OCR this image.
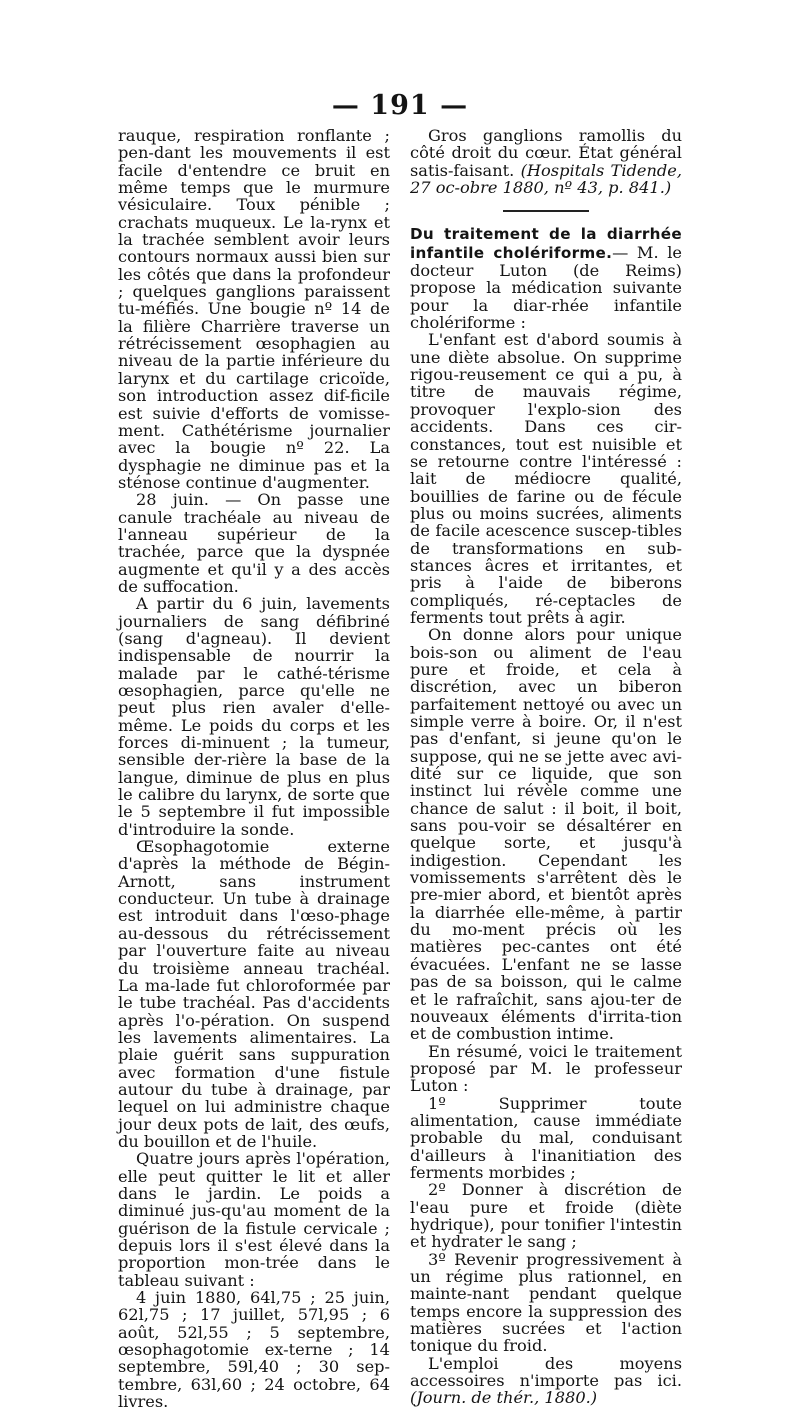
— 191 —

rauque, respiration ronflante ; pen-dant les mouvements il est facile d'entendre ce bruit en même temps que le murmure vésiculaire. Toux pénible ; crachats muqueux. Le la-rynx et la trachée semblent avoir leurs contours normaux aussi bien sur les côtés que dans la profondeur ; quelques ganglions paraissent tu-méfiés. Une bougie nº 14 de la filière Charrière traverse un rétrécissement œsophagien au niveau de la partie inférieure du larynx et du cartilage cricoïde, son introduction assez dif-ficile est suivie d'efforts de vomisse-ment. Cathétérisme journalier avec la bougie nº 22. La dysphagie ne diminue pas et la sténose continue d'augmenter.

28 juin. — On passe une canule trachéale au niveau de l'anneau supérieur de la trachée, parce que la dyspnée augmente et qu'il y a des accès de suffocation.

A partir du 6 juin, lavements journaliers de sang défibriné (sang d'agneau). Il devient indispensable de nourrir la malade par le cathé-térisme œsophagien, parce qu'elle ne peut plus rien avaler d'elle-même. Le poids du corps et les forces di-minuent ; la tumeur, sensible der-rière la base de la langue, diminue de plus en plus le calibre du larynx, de sorte que le 5 septembre il fut impossible d'introduire la sonde.

Œsophagotomie externe d'après la méthode de Bégin-Arnott, sans instrument conducteur. Un tube à drainage est introduit dans l'œso-phage au-dessous du rétrécissement par l'ouverture faite au niveau du troisième anneau trachéal. La ma-lade fut chloroformée par le tube trachéal. Pas d'accidents après l'o-pération. On suspend les lavements alimentaires. La plaie guérit sans suppuration avec formation d'une fistule autour du tube à drainage, par lequel on lui administre chaque jour deux pots de lait, des œufs, du bouillon et de l'huile.

Quatre jours après l'opération, elle peut quitter le lit et aller dans le jardin. Le poids a diminué jus-qu'au moment de la guérison de la fistule cervicale ; depuis lors il s'est élevé dans la proportion mon-trée dans le tableau suivant :

4 juin 1880, 64l,75 ; 25 juin, 62l,75 ; 17 juillet, 57l,95 ; 6 août, 52l,55 ; 5 septembre, œsophagotomie ex-terne ; 14 septembre, 59l,40 ; 30 sep-tembre, 63l,60 ; 24 octobre, 64 livres.

Gros ganglions ramollis du côté droit du cœur. État général satis-faisant. (Hospitals Tidende, 27 oc-obre 1880, nº 43, p. 841.)

Du traitement de la diarrhée infantile cholériforme.— M. le docteur Luton (de Reims) propose la médication suivante pour la diar-rhée infantile cholériforme :

L'enfant est d'abord soumis à une diète absolue. On supprime rigou-reusement ce qui a pu, à titre de mauvais régime, provoquer l'explo-sion des accidents. Dans ces cir-constances, tout est nuisible et se retourne contre l'intéressé : lait de médiocre qualité, bouillies de farine ou de fécule plus ou moins sucrées, aliments de facile acescence suscep-tibles de transformations en sub-stances âcres et irritantes, et pris à l'aide de biberons compliqués, ré-ceptacles de ferments tout prêts à agir.

On donne alors pour unique bois-son ou aliment de l'eau pure et froide, et cela à discrétion, avec un biberon parfaitement nettoyé ou avec un simple verre à boire. Or, il n'est pas d'enfant, si jeune qu'on le suppose, qui ne se jette avec avi-dité sur ce liquide, que son instinct lui révèle comme une chance de salut : il boit, il boit, sans pou-voir se désaltérer en quelque sorte, et jusqu'à indigestion. Cependant les vomissements s'arrêtent dès le pre-mier abord, et bientôt après la diarrhée elle-même, à partir du mo-ment précis où les matières pec-cantes ont été évacuées. L'enfant ne se lasse pas de sa boisson, qui le calme et le rafraîchit, sans ajou-ter de nouveaux éléments d'irrita-tion et de combustion intime.

En résumé, voici le traitement proposé par M. le professeur Luton :

1º Supprimer toute alimentation, cause immédiate probable du mal, conduisant d'ailleurs à l'inanitiation des ferments morbides ;

2º Donner à discrétion de l'eau pure et froide (diète hydrique), pour tonifier l'intestin et hydrater le sang ;

3º Revenir progressivement à un régime plus rationnel, en mainte-nant pendant quelque temps encore la suppression des matières sucrées et l'action tonique du froid.

L'emploi des moyens accessoires n'importe pas ici. (Journ. de thér., 1880.)
